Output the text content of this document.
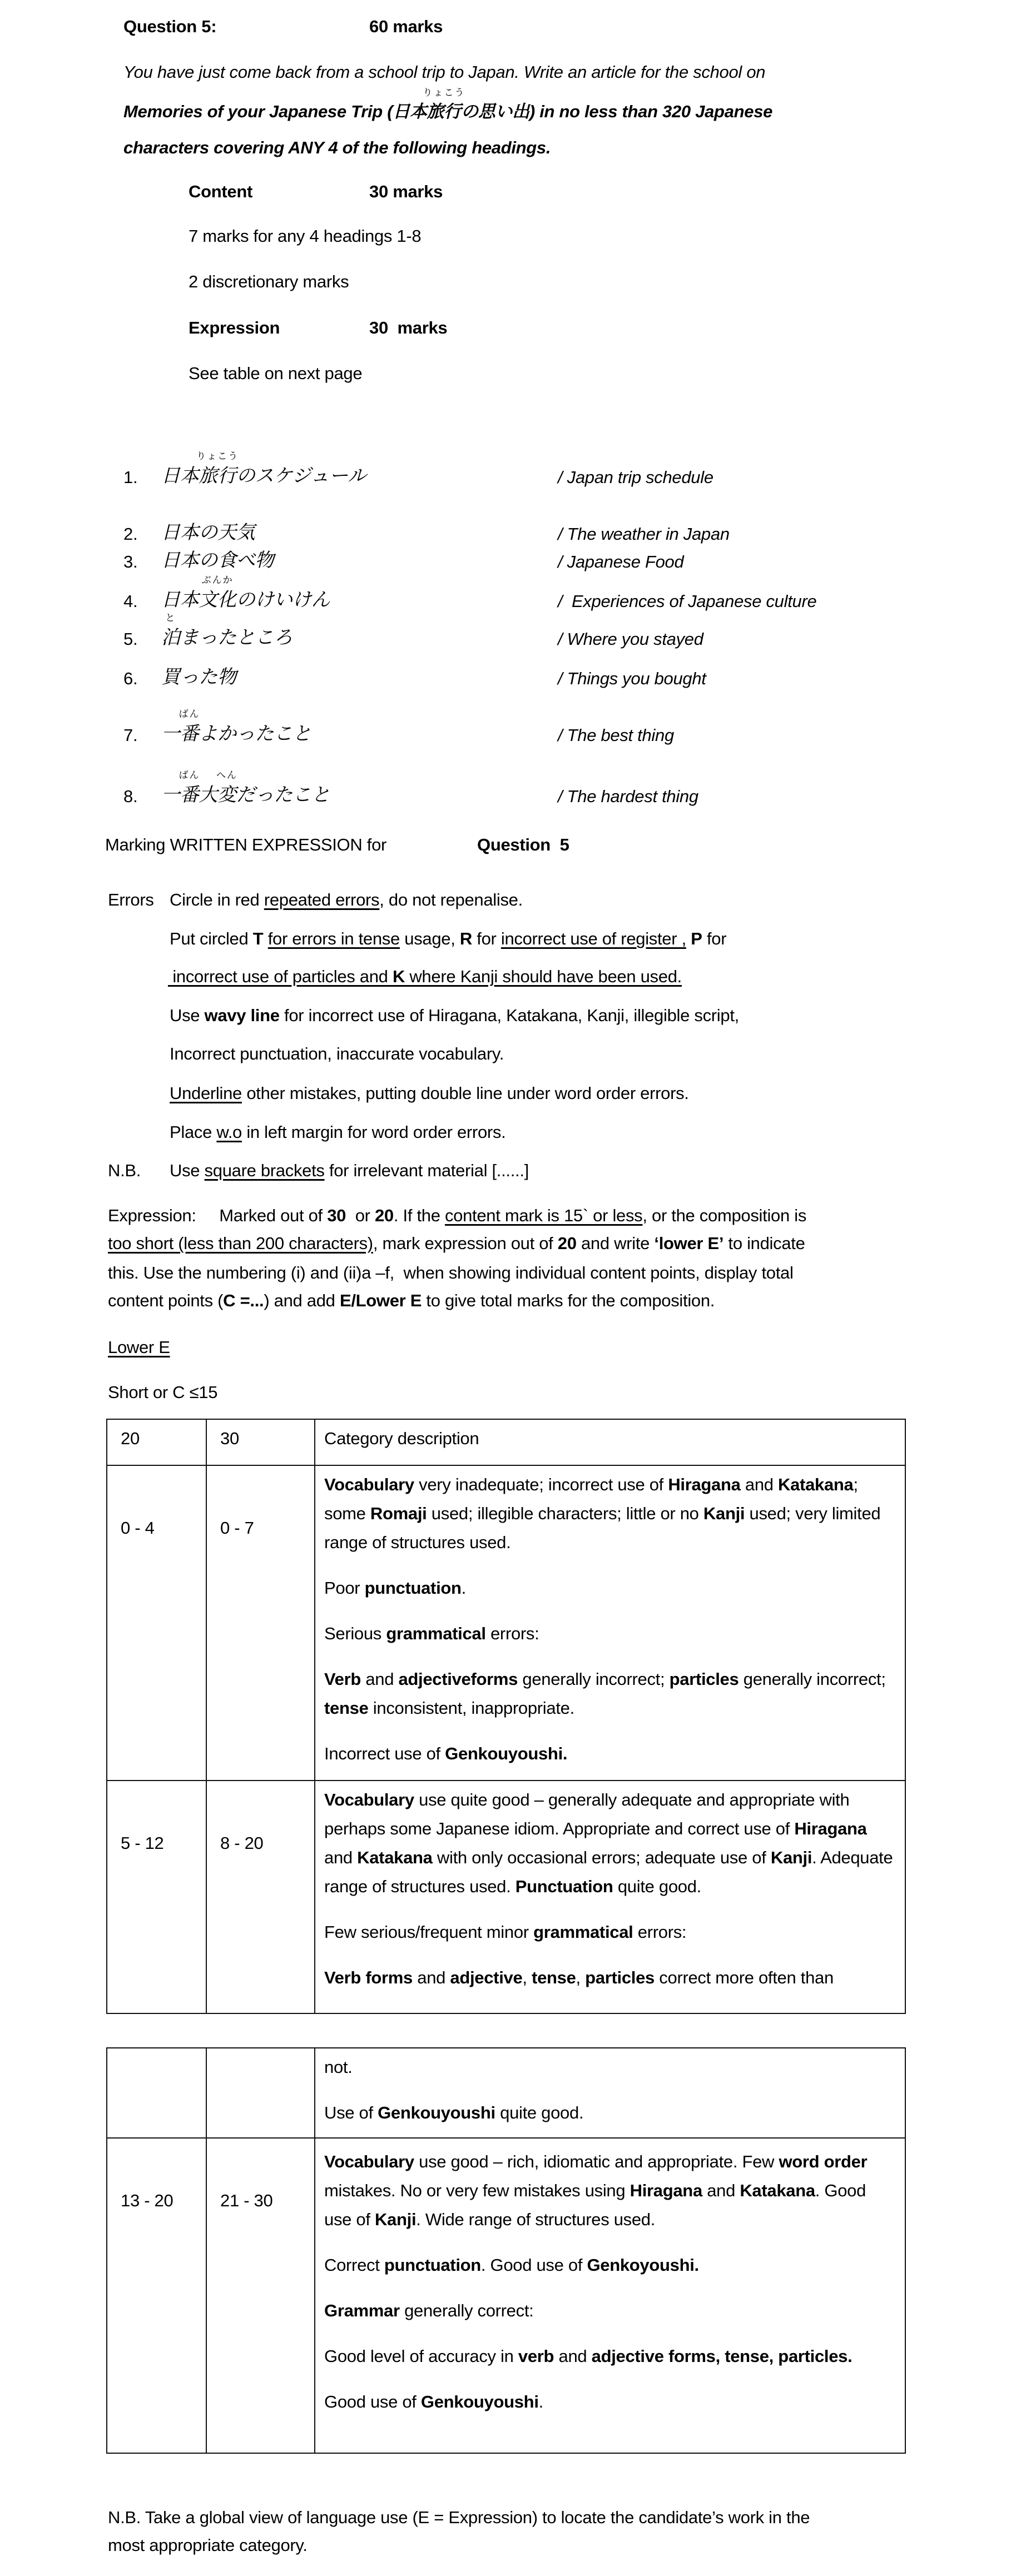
Question 5:	60 marks
You have just come back from a school trip to Japan. Write an article for the school on
Memories of your Japanese Trip (日本旅行
りょこう
の思い出) in no less than 320 Japanese
characters covering ANY 4 of the following headings.
Content	30 marks
7 marks for any 4 headings 1-8
2 discretionary marks
Expression	30  marks
See table on next page
1. 日本旅行
りょこう
のスケジュール	/ Japan trip schedule
2. 日本の天気	/ The weather in Japan
3. 日本の食べ物	/ Japanese Food
4. 日本文化
ぶんか
のけいけん	/  Experiences of Japanese culture
5. 泊
と
まったところ	/ Where you stayed
6. 買った物	/ Things you bought
7. 一番
ばん
よかったこと	/ The best thing
8. 一番
ばん
大変
へん
だったこと	/ The hardest thing
Marking WRITTEN EXPRESSION for	Question  5
Errors Circle in red repeated errors, do not repenalise.
Put circled T for errors in tense usage, R for incorrect use of register , P for
incorrect use of particles and K where Kanji should have been used.
Use wavy line for incorrect use of Hiragana, Katakana, Kanji, illegible script,
Incorrect punctuation, inaccurate vocabulary.
Underline other mistakes, putting double line under word order errors.
Place w.o in left margin for word order errors.
N.B. Use square brackets for irrelevant material [......]
Expression:     Marked out of 30  or 20. If the content mark is 15` or less, or the composition is
too short (less than 200 characters), mark expression out of 20 and write ‘lower E’ to indicate
this. Use the numbering (i) and (ii)a –f,  when showing individual content points, display total
content points (C =...) and add E/Lower E to give total marks for the composition.
Lower E
Short or C ≤15
20	30	Category description
0 - 4	0 - 7	Vocabulary very inadequate; incorrect use of Hiragana and Katakana; some Romaji used; illegible characters; little or no Kanji used; very limited range of structures used.

Poor punctuation.

Serious grammatical errors:

Verb and adjectiveforms generally incorrect; particles generally incorrect; tense inconsistent, inappropriate.

Incorrect use of Genkouyoushi.

5 - 12	8 - 20	Vocabulary use quite good – generally adequate and appropriate with perhaps some Japanese idiom. Appropriate and correct use of Hiragana and Katakana with only occasional errors; adequate use of Kanji. Adequate range of structures used. Punctuation quite good.

Few serious/frequent minor grammatical errors:

Verb forms and adjective, tense, particles correct more often than

		not.

Use of Genkouyoushi quite good.

13 - 20	21 - 30	Vocabulary use good – rich, idiomatic and appropriate. Few word order mistakes. No or very few mistakes using Hiragana and Katakana. Good use of Kanji. Wide range of structures used.

Correct punctuation. Good use of Genkoyoushi.

Grammar generally correct:

Good level of accuracy in verb and adjective forms, tense, particles.

Good use of Genkouyoushi.

N.B. Take a global view of language use (E = Expression) to locate the candidate’s work in the
most appropriate category.
